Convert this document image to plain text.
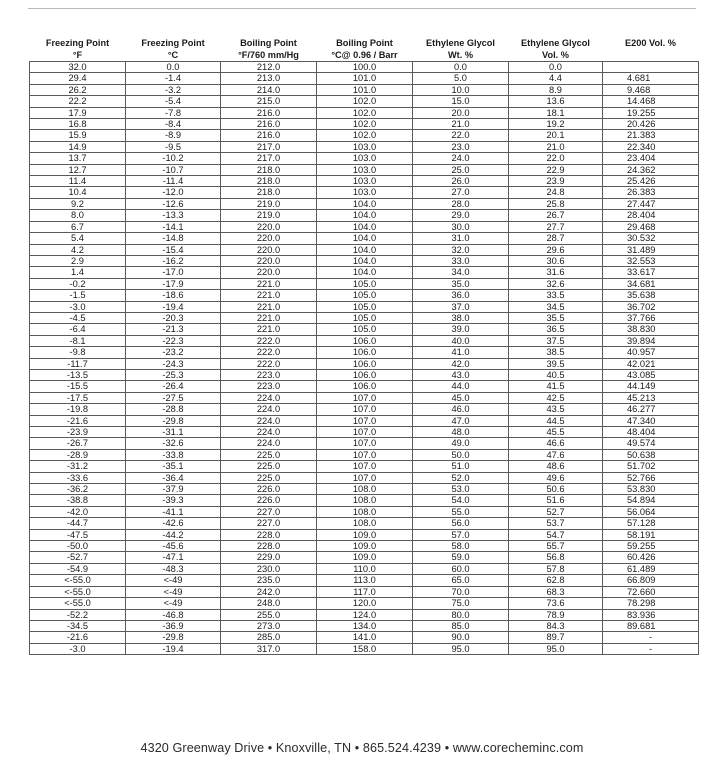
Freezing Point	Freezing Point	Boiling Point	Boiling Point	Ethylene Glycol	Ethylene Glycol	E200 Vol. %
°F	°C	°F/760 mm/Hg	°C@ 0.96 / Barr	Wt. %	Vol. %	
32.0	0.0	212.0	100.0	0.0	0.0	
29.4	-1.4	213.0	101.0	5.0	4.4	4.681
26.2	-3.2	214.0	101.0	10.0	8.9	9.468
22.2	-5.4	215.0	102.0	15.0	13.6	14.468
17.9	-7.8	216.0	102.0	20.0	18.1	19.255
16.8	-8.4	216.0	102.0	21.0	19.2	20.426
15.9	-8.9	216.0	102.0	22.0	20.1	21.383
14.9	-9.5	217.0	103.0	23.0	21.0	22.340
13.7	-10.2	217.0	103.0	24.0	22.0	23.404
12.7	-10.7	218.0	103.0	25.0	22.9	24.362
11.4	-11.4	218.0	103.0	26.0	23.9	25.426
10.4	-12.0	218.0	103.0	27.0	24.8	26.383
9.2	-12.6	219.0	104.0	28.0	25.8	27.447
8.0	-13.3	219.0	104.0	29.0	26.7	28.404
6.7	-14.1	220.0	104.0	30.0	27.7	29.468
5.4	-14.8	220.0	104.0	31.0	28.7	30.532
4.2	-15.4	220.0	104.0	32.0	29.6	31.489
2.9	-16.2	220.0	104.0	33.0	30.6	32.553
1.4	-17.0	220.0	104.0	34.0	31.6	33.617
-0.2	-17.9	221.0	105.0	35.0	32.6	34.681
-1.5	-18.6	221.0	105.0	36.0	33.5	35.638
-3.0	-19.4	221.0	105.0	37.0	34.5	36.702
-4.5	-20.3	221.0	105.0	38.0	35.5	37.766
-6.4	-21.3	221.0	105.0	39.0	36.5	38.830
-8.1	-22.3	222.0	106.0	40.0	37.5	39.894
-9.8	-23.2	222.0	106.0	41.0	38.5	40.957
-11.7	-24.3	222.0	106.0	42.0	39.5	42.021
-13.5	-25.3	223.0	106.0	43.0	40.5	43.085
-15.5	-26.4	223.0	106.0	44.0	41.5	44.149
-17.5	-27.5	224.0	107.0	45.0	42.5	45.213
-19.8	-28.8	224.0	107.0	46.0	43.5	46.277
-21.6	-29.8	224.0	107.0	47.0	44.5	47.340
-23.9	-31.1	224.0	107.0	48.0	45.5	48.404
-26.7	-32.6	224.0	107.0	49.0	46.6	49.574
-28.9	-33.8	225.0	107.0	50.0	47.6	50.638
-31.2	-35.1	225.0	107.0	51.0	48.6	51.702
-33.6	-36.4	225.0	107.0	52.0	49.6	52.766
-36.2	-37.9	226.0	108.0	53.0	50.6	53.830
-38.8	-39.3	226.0	108.0	54.0	51.6	54.894
-42.0	-41.1	227.0	108.0	55.0	52.7	56.064
-44.7	-42.6	227.0	108.0	56.0	53.7	57.128
-47.5	-44.2	228.0	109.0	57.0	54.7	58.191
-50.0	-45.6	228.0	109.0	58.0	55.7	59.255
-52.7	-47.1	229.0	109.0	59.0	56.8	60.426
-54.9	-48.3	230.0	110.0	60.0	57.8	61.489
<-55.0	<-49	235.0	113.0	65.0	62.8	66.809
<-55.0	<-49	242.0	117.0	70.0	68.3	72.660
<-55.0	<-49	248.0	120.0	75.0	73.6	78.298
-52.2	-46.8	255.0	124.0	80.0	78.9	83.936
-34.5	-36.9	273.0	134.0	85.0	84.3	89.681
-21.6	-29.8	285.0	141.0	90.0	89.7	-
-3.0	-19.4	317.0	158.0	95.0	95.0	-
4320 Greenway Drive • Knoxville, TN • 865.524.4239 • www.corecheminc.com
